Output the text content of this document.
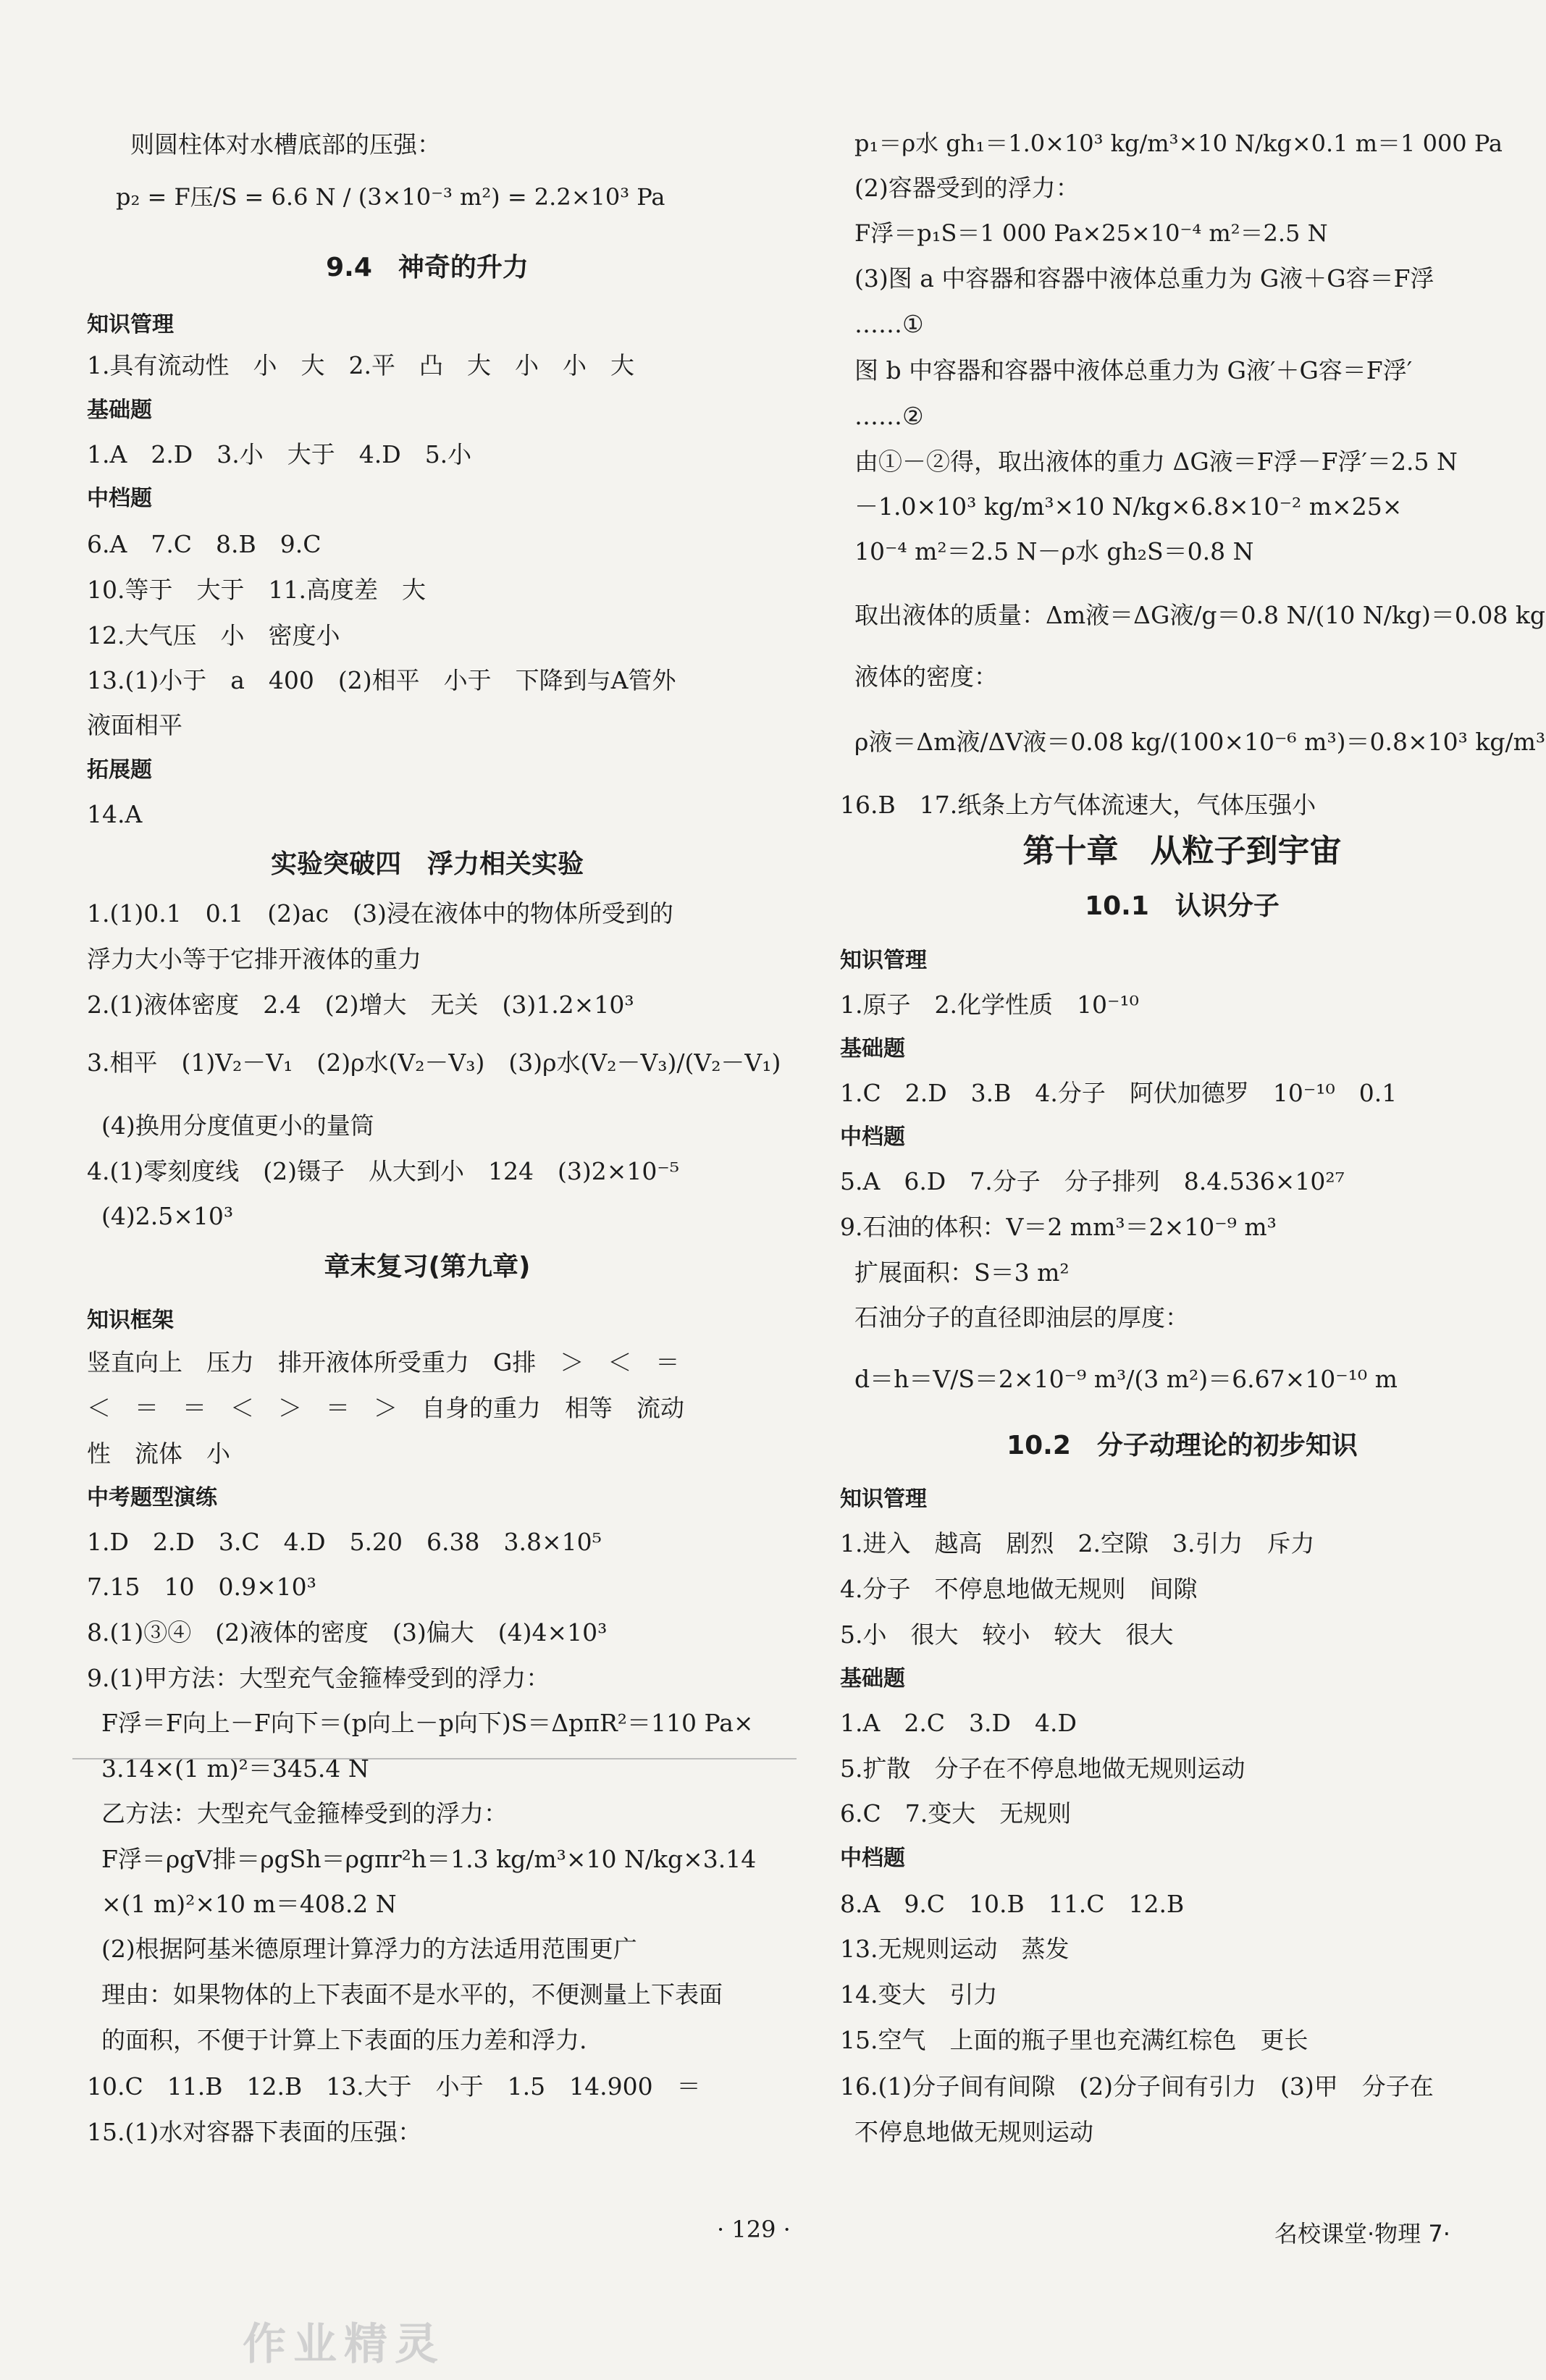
则圆柱体对水槽底部的压强：
p₂ = F压/S = 6.6 N / (3×10⁻³ m²) = 2.2×10³ Pa
9.4　神奇的升力
知识管理
1.具有流动性　小　大　2.平　凸　大　小　小　大
基础题
1.A　2.D　3.小　大于　4.D　5.小
中档题
6.A　7.C　8.B　9.C
10.等于　大于　11.高度差　大
12.大气压　小　密度小
13.(1)小于　a　400　(2)相平　小于　下降到与A管外
液面相平
拓展题
14.A
实验突破四　浮力相关实验
1.(1)0.1　0.1　(2)ac　(3)浸在液体中的物体所受到的
浮力大小等于它排开液体的重力
2.(1)液体密度　2.4　(2)增大　无关　(3)1.2×10³
3.相平　(1)V₂－V₁　(2)ρ水(V₂－V₃)　(3)ρ水(V₂－V₃)/(V₂－V₁)
(4)换用分度值更小的量筒
4.(1)零刻度线　(2)镊子　从大到小　124　(3)2×10⁻⁵
(4)2.5×10³
章末复习(第九章)
知识框架
竖直向上　压力　排开液体所受重力　G排　＞　＜　＝
＜　＝　＝　＜　＞　＝　＞　自身的重力　相等　流动
性　流体　小
中考题型演练
1.D　2.D　3.C　4.D　5.20　6.38　3.8×10⁵
7.15　10　0.9×10³
8.(1)③④　(2)液体的密度　(3)偏大　(4)4×10³
9.(1)甲方法：大型充气金箍棒受到的浮力：
F浮＝F向上－F向下＝(p向上－p向下)S＝ΔpπR²＝110 Pa×
3.14×(1 m)²＝345.4 N
乙方法：大型充气金箍棒受到的浮力：
F浮＝ρgV排＝ρgSh＝ρgπr²h＝1.3 kg/m³×10 N/kg×3.14
×(1 m)²×10 m＝408.2 N
(2)根据阿基米德原理计算浮力的方法适用范围更广
理由：如果物体的上下表面不是水平的，不便测量上下表面
的面积，不便于计算上下表面的压力差和浮力.
10.C　11.B　12.B　13.大于　小于　1.5　14.900　＝
15.(1)水对容器下表面的压强：
p₁＝ρ水 gh₁＝1.0×10³ kg/m³×10 N/kg×0.1 m＝1 000 Pa
(2)容器受到的浮力：
F浮＝p₁S＝1 000 Pa×25×10⁻⁴ m²＝2.5 N
(3)图 a 中容器和容器中液体总重力为 G液＋G容＝F浮
……①
图 b 中容器和容器中液体总重力为 G液′＋G容＝F浮′
……②
由①－②得，取出液体的重力 ΔG液＝F浮－F浮′＝2.5 N
－1.0×10³ kg/m³×10 N/kg×6.8×10⁻² m×25×
10⁻⁴ m²＝2.5 N－ρ水 gh₂S＝0.8 N
取出液体的质量：Δm液＝ΔG液/g＝0.8 N/(10 N/kg)＝0.08 kg
液体的密度：
ρ液＝Δm液/ΔV液＝0.08 kg/(100×10⁻⁶ m³)＝0.8×10³ kg/m³
16.B　17.纸条上方气体流速大，气体压强小
第十章　从粒子到宇宙
10.1　认识分子
知识管理
1.原子　2.化学性质　10⁻¹⁰
基础题
1.C　2.D　3.B　4.分子　阿伏加德罗　10⁻¹⁰　0.1
中档题
5.A　6.D　7.分子　分子排列　8.4.536×10²⁷
9.石油的体积：V＝2 mm³＝2×10⁻⁹ m³
扩展面积：S＝3 m²
石油分子的直径即油层的厚度：
d＝h＝V/S＝2×10⁻⁹ m³/(3 m²)＝6.67×10⁻¹⁰ m
10.2　分子动理论的初步知识
知识管理
1.进入　越高　剧烈　2.空隙　3.引力　斥力
4.分子　不停息地做无规则　间隙
5.小　很大　较小　较大　很大
基础题
1.A　2.C　3.D　4.D
5.扩散　分子在不停息地做无规则运动
6.C　7.变大　无规则
中档题
8.A　9.C　10.B　11.C　12.B
13.无规则运动　蒸发
14.变大　引力
15.空气　上面的瓶子里也充满红棕色　更长
16.(1)分子间有间隙　(2)分子间有引力　(3)甲　分子在
不停息地做无规则运动
· 129 ·	名校课堂·物理 7·
作业精灵
